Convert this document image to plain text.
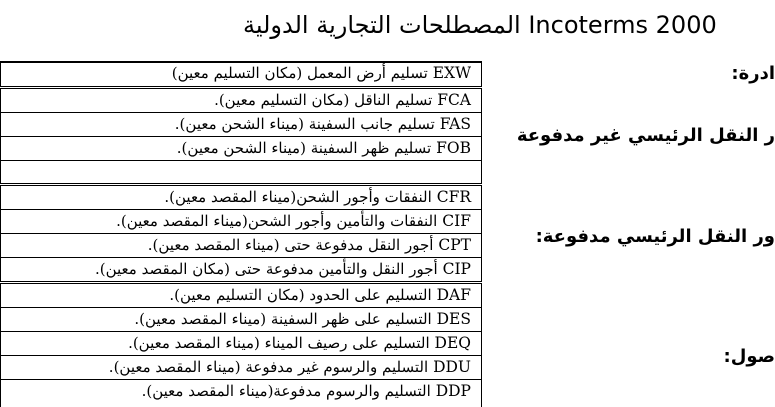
المصطلحات التجارية الدولية Incoterms 2000
EXW تسليم أرض المعمل (مكان التسليم معين)	ادرة:
FCA تسليم الناقل (مكان التسليم معين).
FAS تسليم جانب السفينة (ميناء الشحن معين).
FOB تسليم ظهر السفينة (ميناء الشحن معين).
ر النقل الرئيسي غير مدفوعة
CFR النفقات وأجور الشحن(ميناء المقصد معين).
CIF النفقات والتأمين وأجور الشحن(ميناء المقصد معين).
CPT أجور النقل مدفوعة حتى (ميناء المقصد معين).
CIP أجور النقل والتأمين مدفوعة حتى (مكان المقصد معين).
ور النقل الرئيسي مدفوعة:
DAF التسليم على الحدود (مكان التسليم معين).
DES التسليم على ظهر السفينة (ميناء المقصد معين).
DEQ التسليم على رصيف الميناء (ميناء المقصد معين).
DDU التسليم والرسوم غير مدفوعة (ميناء المقصد معين).
DDP التسليم والرسوم مدفوعة(ميناء المقصد معين).
صول:
